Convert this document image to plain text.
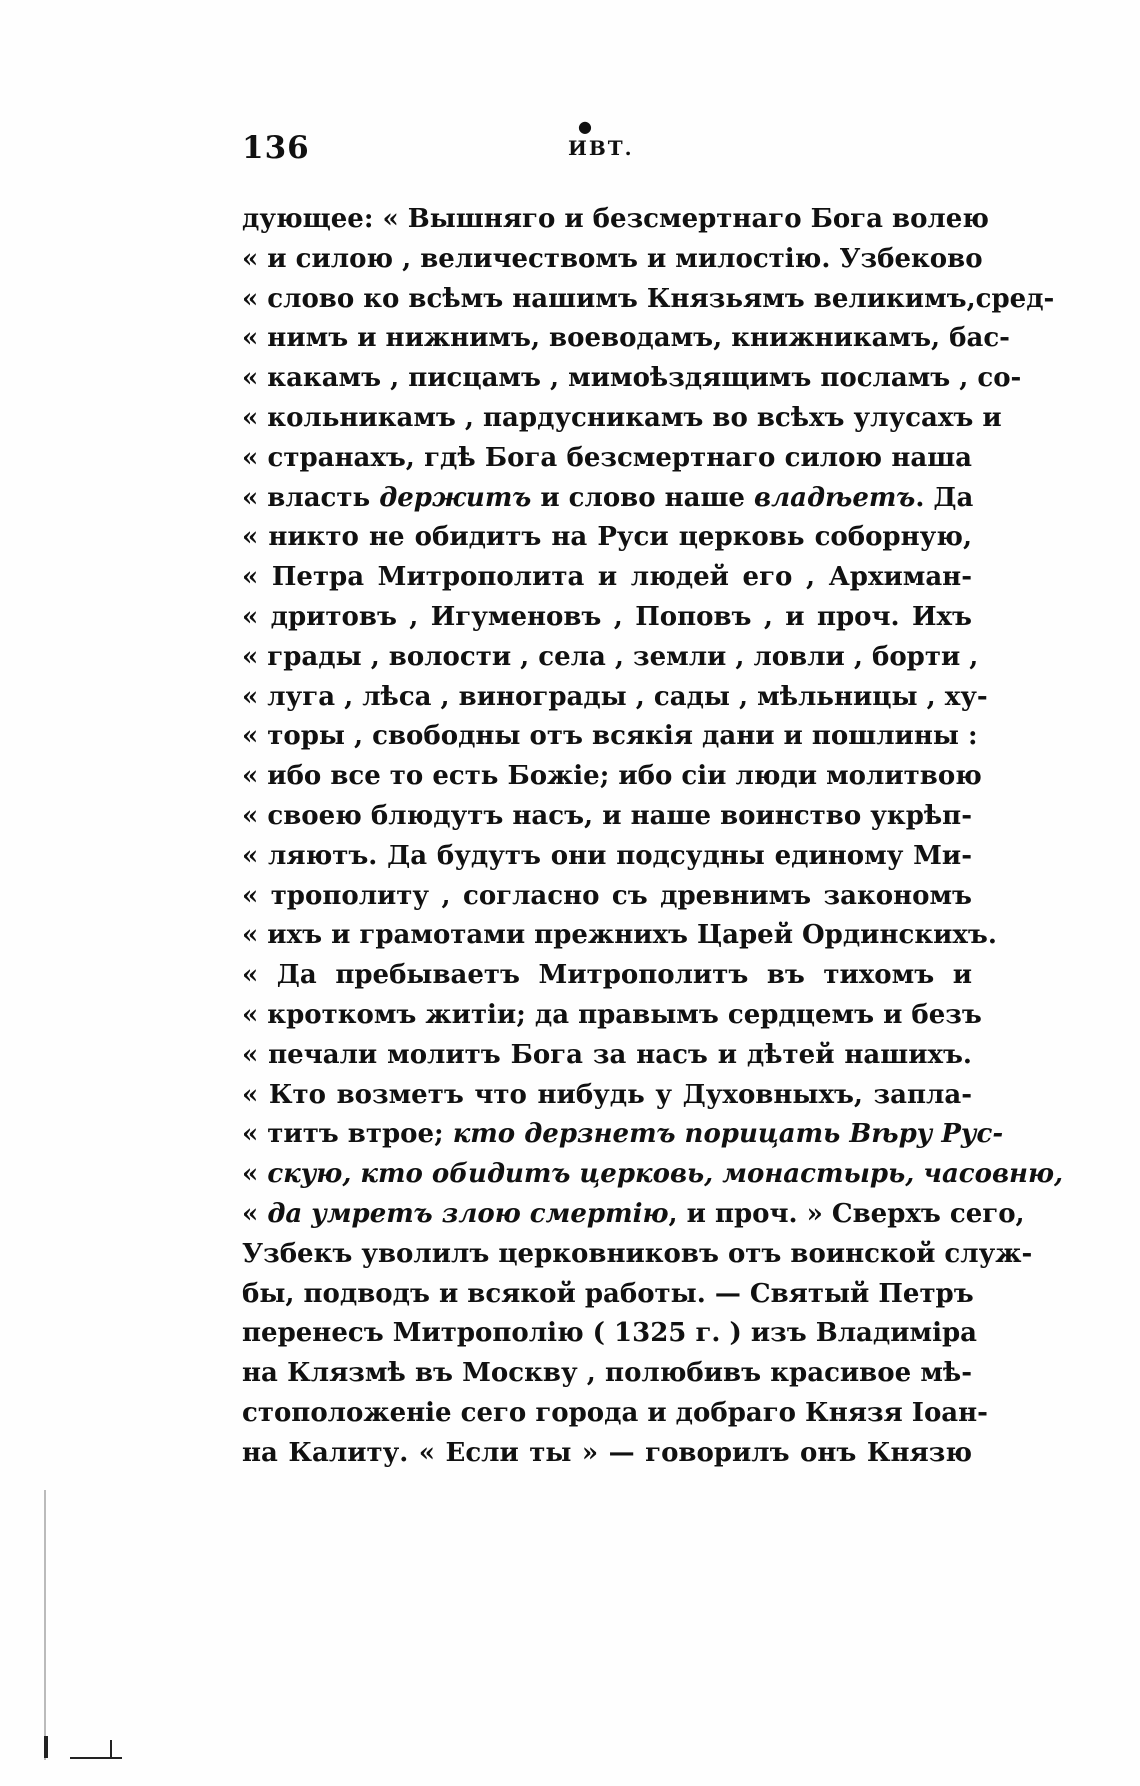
136
●
ИВТ.
дующее: « Вышняго и безсмертнаго Бога волею
« и силою , величествомъ и милостію. Узбеково
« слово ко всѣмъ нашимъ Князьямъ великимъ,сред-
« нимъ и нижнимъ, воеводамъ, книжникамъ, бас-
« какамъ , писцамъ , мимоѣздящимъ посламъ , со-
« кольникамъ , пардусникамъ во всѣхъ улусахъ и
« странахъ, гдѣ Бога безсмертнаго силою наша
« власть держитъ и слово наше владѣетъ. Да
« никто не обидитъ на Руси церковь соборную,
« Петра Митрополита и людей его , Архиман-
« дритовъ , Игуменовъ , Поповъ , и проч. Ихъ
« грады , волости , села , земли , ловли , борти ,
« луга , лѣса , винограды , сады , мѣльницы , ху-
« торы , свободны отъ всякія дани и пошлины :
« ибо все то есть Божіе; ибо сіи люди молитвою
« своею блюдутъ насъ, и наше воинство укрѣп-
« ляютъ. Да будутъ они подсудны единому Ми-
« трополиту , согласно съ древнимъ закономъ
« ихъ и грамотами прежнихъ Царей Ординскихъ.
« Да пребываетъ Митрополитъ въ тихомъ и
« кроткомъ житіи; да правымъ сердцемъ и безъ
« печали молитъ Бога за насъ и дѣтей нашихъ.
« Кто возметъ что нибудь у Духовныхъ, запла-
« титъ втрое; кто дерзнетъ порицать Вѣру Рус-
« скую, кто обидитъ церковь, монастырь, часовню,
« да умретъ злою смертію, и проч. » Сверхъ сего,
Узбекъ уволилъ церковниковъ отъ воинской служ-
бы, подводъ и всякой работы. — Святый Петръ
перенесъ Митрополію ( 1325 г. ) изъ Владиміра
на Клязмѣ въ Москву , полюбивъ красивое мѣ-
стоположеніе сего города и добраго Князя Іоан-
на Калиту. « Если ты » — говорилъ онъ Князю
